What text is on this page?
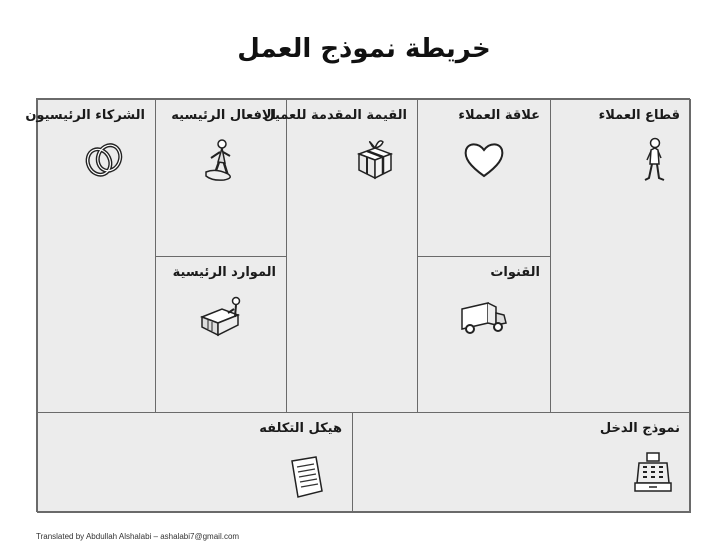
خريطة نموذج العمل
الشركاء الرئيسيون الافعال الرئيسيه
الموارد الرئيسية
القيمة المقدمة للعميل	علاقة العملاء
القنوات
قطاع العملاء
هيكل التكلفه	نموذج الدخل
Translated by Abdullah Alshalabi – ashalabi7@gmail.com
